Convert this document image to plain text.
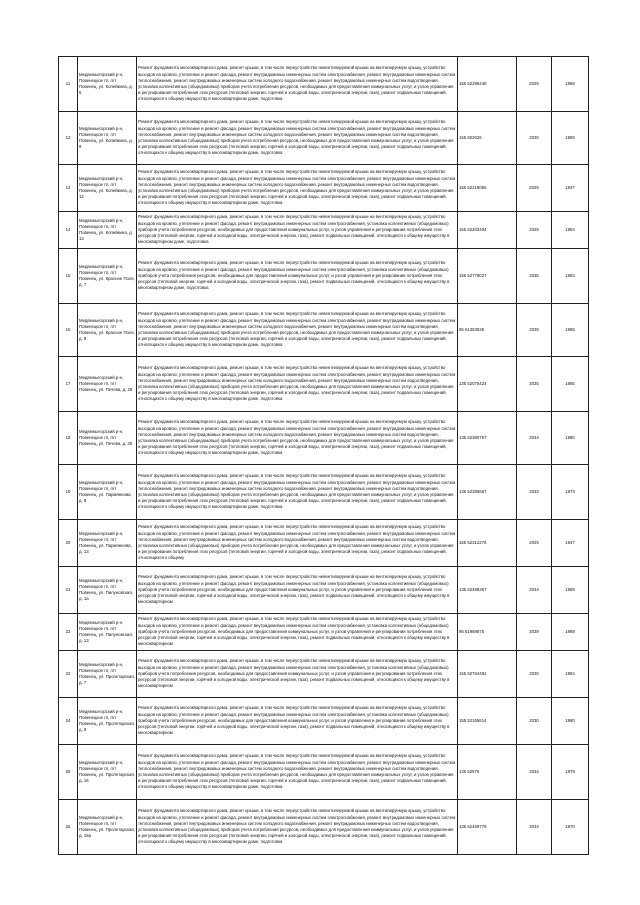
11	Медвежьегорский р-н, Повенецкое гп, пгт Повенец, ул. Копейкина, д. 5	Ремонт фундамента многоквартирного дома, ремонт крыши, в том числе переустройство невентилируемой крыши на вентилируемую крышу, устройство выходов на кровлю, утепление и ремонт фасада, ремонт внутридомовых инженерных систем электроснабжения, ремонт внутридомовых инженерных систем теплоснабжения, ремонт внутридомовых инженерных систем холодного водоснабжения, ремонт внутридомовых инженерных систем водоотведения, установка коллективных (общедомовых) приборов учета потребления ресурсов, необходимых для предоставления коммунальных услуг, и узлов управления и регулирования потребления этих ресурсов (тепловой энергии, горячей и холодной воды, электрической энергии, газа), ремонт подвальных помещений, относящихся к общему имуществу в многоквартирном доме, подготовка	155 52296448	2029	1958
12	Медвежьегорский р-н, Повенецкое гп, пгт Повенец, ул. Копейкина, д. 8	Ремонт фундамента многоквартирного дома, ремонт крыши, в том числе переустройство невентилируемой крыши на вентилируемую крышу, устройство выходов на кровлю, утепление и ремонт фасада, ремонт внутридомовых инженерных систем электроснабжения, ремонт внутридомовых инженерных систем теплоснабжения, ремонт внутридомовых инженерных систем холодного водоснабжения, ремонт внутридомовых инженерных систем водоотведения, установка коллективных (общедомовых) приборов учета потребления ресурсов, необходимых для предоставления коммунальных услуг, и узлов управления и регулирования потребления этих ресурсов (тепловой энергии, горячей и холодной воды, электрической энергии, газа), ремонт подвальных помещений, относящихся к общему имуществу в многоквартирном доме, подготовка	155 822026	2030	1959
13	Медвежьегорский р-н, Повенецкое гп, пгт Повенец, ул. Копейкина, д. 12	Ремонт фундамента многоквартирного дома, ремонт крыши, в том числе переустройство невентилируемой крыши на вентилируемую крышу, устройство выходов на кровлю, утепление и ремонт фасада, ремонт внутридомовых инженерных систем электроснабжения, ремонт внутридомовых инженерных систем теплоснабжения, ремонт внутридомовых инженерных систем холодного водоснабжения, ремонт внутридомовых инженерных систем водоотведения, установка коллективных (общедомовых) приборов учета потребления ресурсов, необходимых для предоставления коммунальных услуг, и узлов управления и регулирования потребления этих ресурсов (тепловой энергии, горячей и холодной воды, электрической энергии, газа), ремонт подвальных помещений, относящихся к общему имуществу в многоквартирном доме, подготовка	155 52219065	2029	1947
14	Медвежьегорский р-н, Повенецкое гп, пгт Повенец, ул. Копейкина, д. 13	Ремонт фундамента многоквартирного дома, ремонт крыши, в том числе переустройство невентилируемой крыши на вентилируемую крышу, устройство выходов на кровлю, утепление и ремонт фасада, ремонт внутридомовых инженерных систем электроснабжения, установка коллективных (общедомовых) приборов учета потребления ресурсов, необходимых для предоставления коммунальных услуг, и узлов управления и регулирования потребления этих ресурсов (тепловой энергии, горячей и холодной воды, электрической энергии, газа), ремонт подвальных помещений, относящихся к общему имуществу в многоквартирном доме, подготовка	155 52203404	2029	1954
15	Медвежьегорский р-н, Повенецкое гп, пгт Повенец, ул. Красное Поле, д. 7	Ремонт фундамента многоквартирного дома, ремонт крыши, в том числе переустройство невентилируемой крыши на вентилируемую крышу, устройство выходов на кровлю, утепление и ремонт фасада, ремонт внутридомовых инженерных систем электроснабжения, установка коллективных (общедомовых) приборов учета потребления ресурсов, необходимых для предоставления коммунальных услуг, и узлов управления и регулирования потребления этих ресурсов (тепловой энергии, горячей и холодной воды, электрической энергии, газа), ремонт подвальных помещений, относящихся к общему имуществу в многоквартирном доме, подготовка	156 52778027	2035	1983
16	Медвежьегорский р-н, Повенецкое гп, пгт Повенец, ул. Красное Поле, д. 9	Ремонт фундамента многоквартирного дома, ремонт крыши, в том числе переустройство невентилируемой крыши на вентилируемую крышу, устройство выходов на кровлю, утепление и ремонт фасада, ремонт внутридомовых инженерных систем электроснабжения, ремонт внутридомовых инженерных систем теплоснабжения, ремонт внутридомовых инженерных систем холодного водоснабжения, ремонт внутридомовых инженерных систем водоотведения, установка коллективных (общедомовых) приборов учета потребления ресурсов, необходимых для предоставления коммунальных услуг, и узлов управления и регулирования потребления этих ресурсов (тепловой энергии, горячей и холодной воды, электрической энергии, газа), ремонт подвальных помещений, относящихся к общему имуществу в многоквартирном доме, подготовка	95 61363536	2039	1986
17	Медвежьегорский р-н, Повенецкое гп, пгт Повенец, ул. Печева, д. 28	Ремонт фундамента многоквартирного дома, ремонт крыши, в том числе переустройство невентилируемой крыши на вентилируемую крышу, устройство выходов на кровлю, утепление и ремонт фасада, ремонт внутридомовых инженерных систем электроснабжения, ремонт внутридомовых инженерных систем теплоснабжения, ремонт внутридомовых инженерных систем холодного водоснабжения, ремонт внутридомовых инженерных систем водоотведения, установка коллективных (общедомовых) приборов учета потребления ресурсов, необходимых для предоставления коммунальных услуг, и узлов управления и регулирования потребления этих ресурсов (тепловой энергии, горячей и холодной воды, электрической энергии, газа), ремонт подвальных помещений, относящихся к общему имуществу в многоквартирном доме, подготовка	135 52075424	2035	1985
18	Медвежьегорский р-н, Повенецкое гп, пгт Повенец, ул. Печева, д. 30	Ремонт фундамента многоквартирного дома, ремонт крыши, в том числе переустройство невентилируемой крыши на вентилируемую крышу, устройство выходов на кровлю, утепление и ремонт фасада, ремонт внутридомовых инженерных систем электроснабжения, ремонт внутридомовых инженерных систем теплоснабжения, ремонт внутридомовых инженерных систем холодного водоснабжения, ремонт внутридомовых инженерных систем водоотведения, установка коллективных (общедомовых) приборов учета потребления ресурсов, необходимых для предоставления коммунальных услуг, и узлов управления и регулирования потребления этих ресурсов (тепловой энергии, горячей и холодной воды, электрической энергии, газа), ремонт подвальных помещений, относящихся к общему имуществу в многоквартирном доме, подготовка	135 52380757	2034	1980
19	Медвежьегорский р-н, Повенецкое гп, пгт Повенец, ул. Пармяннова, д. 8	Ремонт фундамента многоквартирного дома, ремонт крыши, в том числе переустройство невентилируемой крыши на вентилируемую крышу, устройство выходов на кровлю, утепление и ремонт фасада, ремонт внутридомовых инженерных систем электроснабжения, ремонт внутридомовых инженерных систем теплоснабжения, ремонт внутридомовых инженерных систем холодного водоснабжения, ремонт внутридомовых инженерных систем водоотведения, установка коллективных (общедомовых) приборов учета потребления ресурсов, необходимых для предоставления коммунальных услуг, и узлов управления и регулирования потребления этих ресурсов (тепловой энергии, горячей и холодной воды, электрической энергии, газа), ремонт подвальных помещений, относящихся к общему имуществу в многоквартирном доме, подготовка	136 52385667	2033	1973
20	Медвежьегорский р-н, Повенецкое гп, пгт Повенец, ул. Пармяннова, д. 13	Ремонт фундамента многоквартирного дома, ремонт крыши, в том числе переустройство невентилируемой крыши на вентилируемую крышу, устройство выходов на кровлю, утепление и ремонт фасада, ремонт внутридомовых инженерных систем электроснабжения, ремонт внутридомовых инженерных систем теплоснабжения, ремонт внутридомовых инженерных систем холодного водоснабжения, ремонт внутридомовых инженерных систем водоотведения, установка коллективных (общедомовых) приборов учета потребления ресурсов, необходимых для предоставления коммунальных услуг, и узлов управления и регулирования потребления этих ресурсов (тепловой энергии, горячей и холодной воды, электрической энергии, газа), ремонт подвальных помещений, относящихся к общему	155 52312276	2029	1947
21	Медвежьегорский р-н, Повенецкое гп, пгт Повенец, ул. Пилуновская, д. 1а	Ремонт фундамента многоквартирного дома, ремонт крыши, в том числе переустройство невентилируемой крыши на вентилируемую крышу, устройство выходов на кровлю, утепление и ремонт фасада, ремонт внутридомовых инженерных систем электроснабжения, установка коллективных (общедомовых) приборов учета потребления ресурсов, необходимых для предоставления коммунальных услуг, и узлов управления и регулирования потребления этих ресурсов (тепловой энергии, горячей и холодной воды, электрической энергии, газа), ремонт подвальных помещений, относящихся к общему имуществу в многоквартирном	135 52488367	2034	1959
22	Медвежьегорский р-н, Повенецкое гп, пгт Повенец, ул. Пилуновская, д. 13	Ремонт фундамента многоквартирного дома, ремонт крыши, в том числе переустройство невентилируемой крыши на вентилируемую крышу, устройство выходов на кровлю, утепление и ремонт фасада, ремонт внутридомовых инженерных систем электроснабжения, установка коллективных (общедомовых) приборов учета потребления ресурсов, необходимых для предоставления коммунальных услуг, и узлов управления и регулирования потребления этих ресурсов (тепловой энергии, горячей и холодной воды, электрической энергии, газа), ремонт подвальных помещений, относящихся к общему имуществу в многоквартирном	95 51968875	2039	1989
23	Медвежьегорский р-н, Повенецкое гп, пгт Повенец, ул. Пролетарская, д. 7	Ремонт фундамента многоквартирного дома, ремонт крыши, в том числе переустройство невентилируемой крыши на вентилируемую крышу, устройство выходов на кровлю, утепление и ремонт фасада, ремонт внутридомовых инженерных систем электроснабжения, установка коллективных (общедомовых) приборов учета потребления ресурсов, необходимых для предоставления коммунальных услуг, и узлов управления и регулирования потребления этих ресурсов (тепловой энергии, горячей и холодной воды, электрической энергии, газа), ремонт подвальных помещений, относящихся к общему имуществу в многоквартирном	155 52764481	2030	1984
24	Медвежьегорский р-н, Повенецкое гп, пгт Повенец, ул. Пролетарская, д. 9	Ремонт фундамента многоквартирного дома, ремонт крыши, в том числе переустройство невентилируемой крыши на вентилируемую крышу, устройство выходов на кровлю, утепление и ремонт фасада, ремонт внутридомовых инженерных систем электроснабжения, установка коллективных (общедомовых) приборов учета потребления ресурсов, необходимых для предоставления коммунальных услуг, и узлов управления и регулирования потребления этих ресурсов (тепловой энергии, горячей и холодной воды, электрической энергии, газа), ремонт подвальных помещений, относящихся к общему имуществу в многоквартирном	155 52165614	2030	1980
25	Медвежьегорский р-н, Повенецкое гп, пгт Повенец, ул. Пролетарская, д. 16	Ремонт фундамента многоквартирного дома, ремонт крыши, в том числе переустройство невентилируемой крыши на вентилируемую крышу, устройство выходов на кровлю, утепление и ремонт фасада, ремонт внутридомовых инженерных систем электроснабжения, ремонт внутридомовых инженерных систем теплоснабжения, ремонт внутридомовых инженерных систем холодного водоснабжения, ремонт внутридомовых инженерных систем водоотведения, установка коллективных (общедомовых) приборов учета потребления ресурсов, необходимых для предоставления коммунальных услуг, и узлов управления и регулирования потребления этих ресурсов (тепловой энергии, горячей и холодной воды, электрической энергии, газа), ремонт подвальных помещений, относящихся к общему имуществу в многоквартирном доме, подготовка	135 52576	2034	1979
26	Медвежьегорский р-н, Повенецкое гп, пгт Повенец, ул. Пролетарская, д. 15а	Ремонт фундамента многоквартирного дома, ремонт крыши, в том числе переустройство невентилируемой крыши на вентилируемую крышу, устройство выходов на кровлю, утепление и ремонт фасада, ремонт внутридомовых инженерных систем электроснабжения, ремонт внутридомовых инженерных систем теплоснабжения, ремонт внутридомовых инженерных систем холодного водоснабжения, ремонт внутридомовых инженерных систем водоотведения, установка коллективных (общедомовых) приборов учета потребления ресурсов, необходимых для предоставления коммунальных услуг, и узлов управления и регулирования потребления этих ресурсов (тепловой энергии, горячей и холодной воды, электрической энергии, газа), ремонт подвальных помещений, относящихся к общему имуществу в многоквартирном доме, подготовка	135 52469779	2034	1970
